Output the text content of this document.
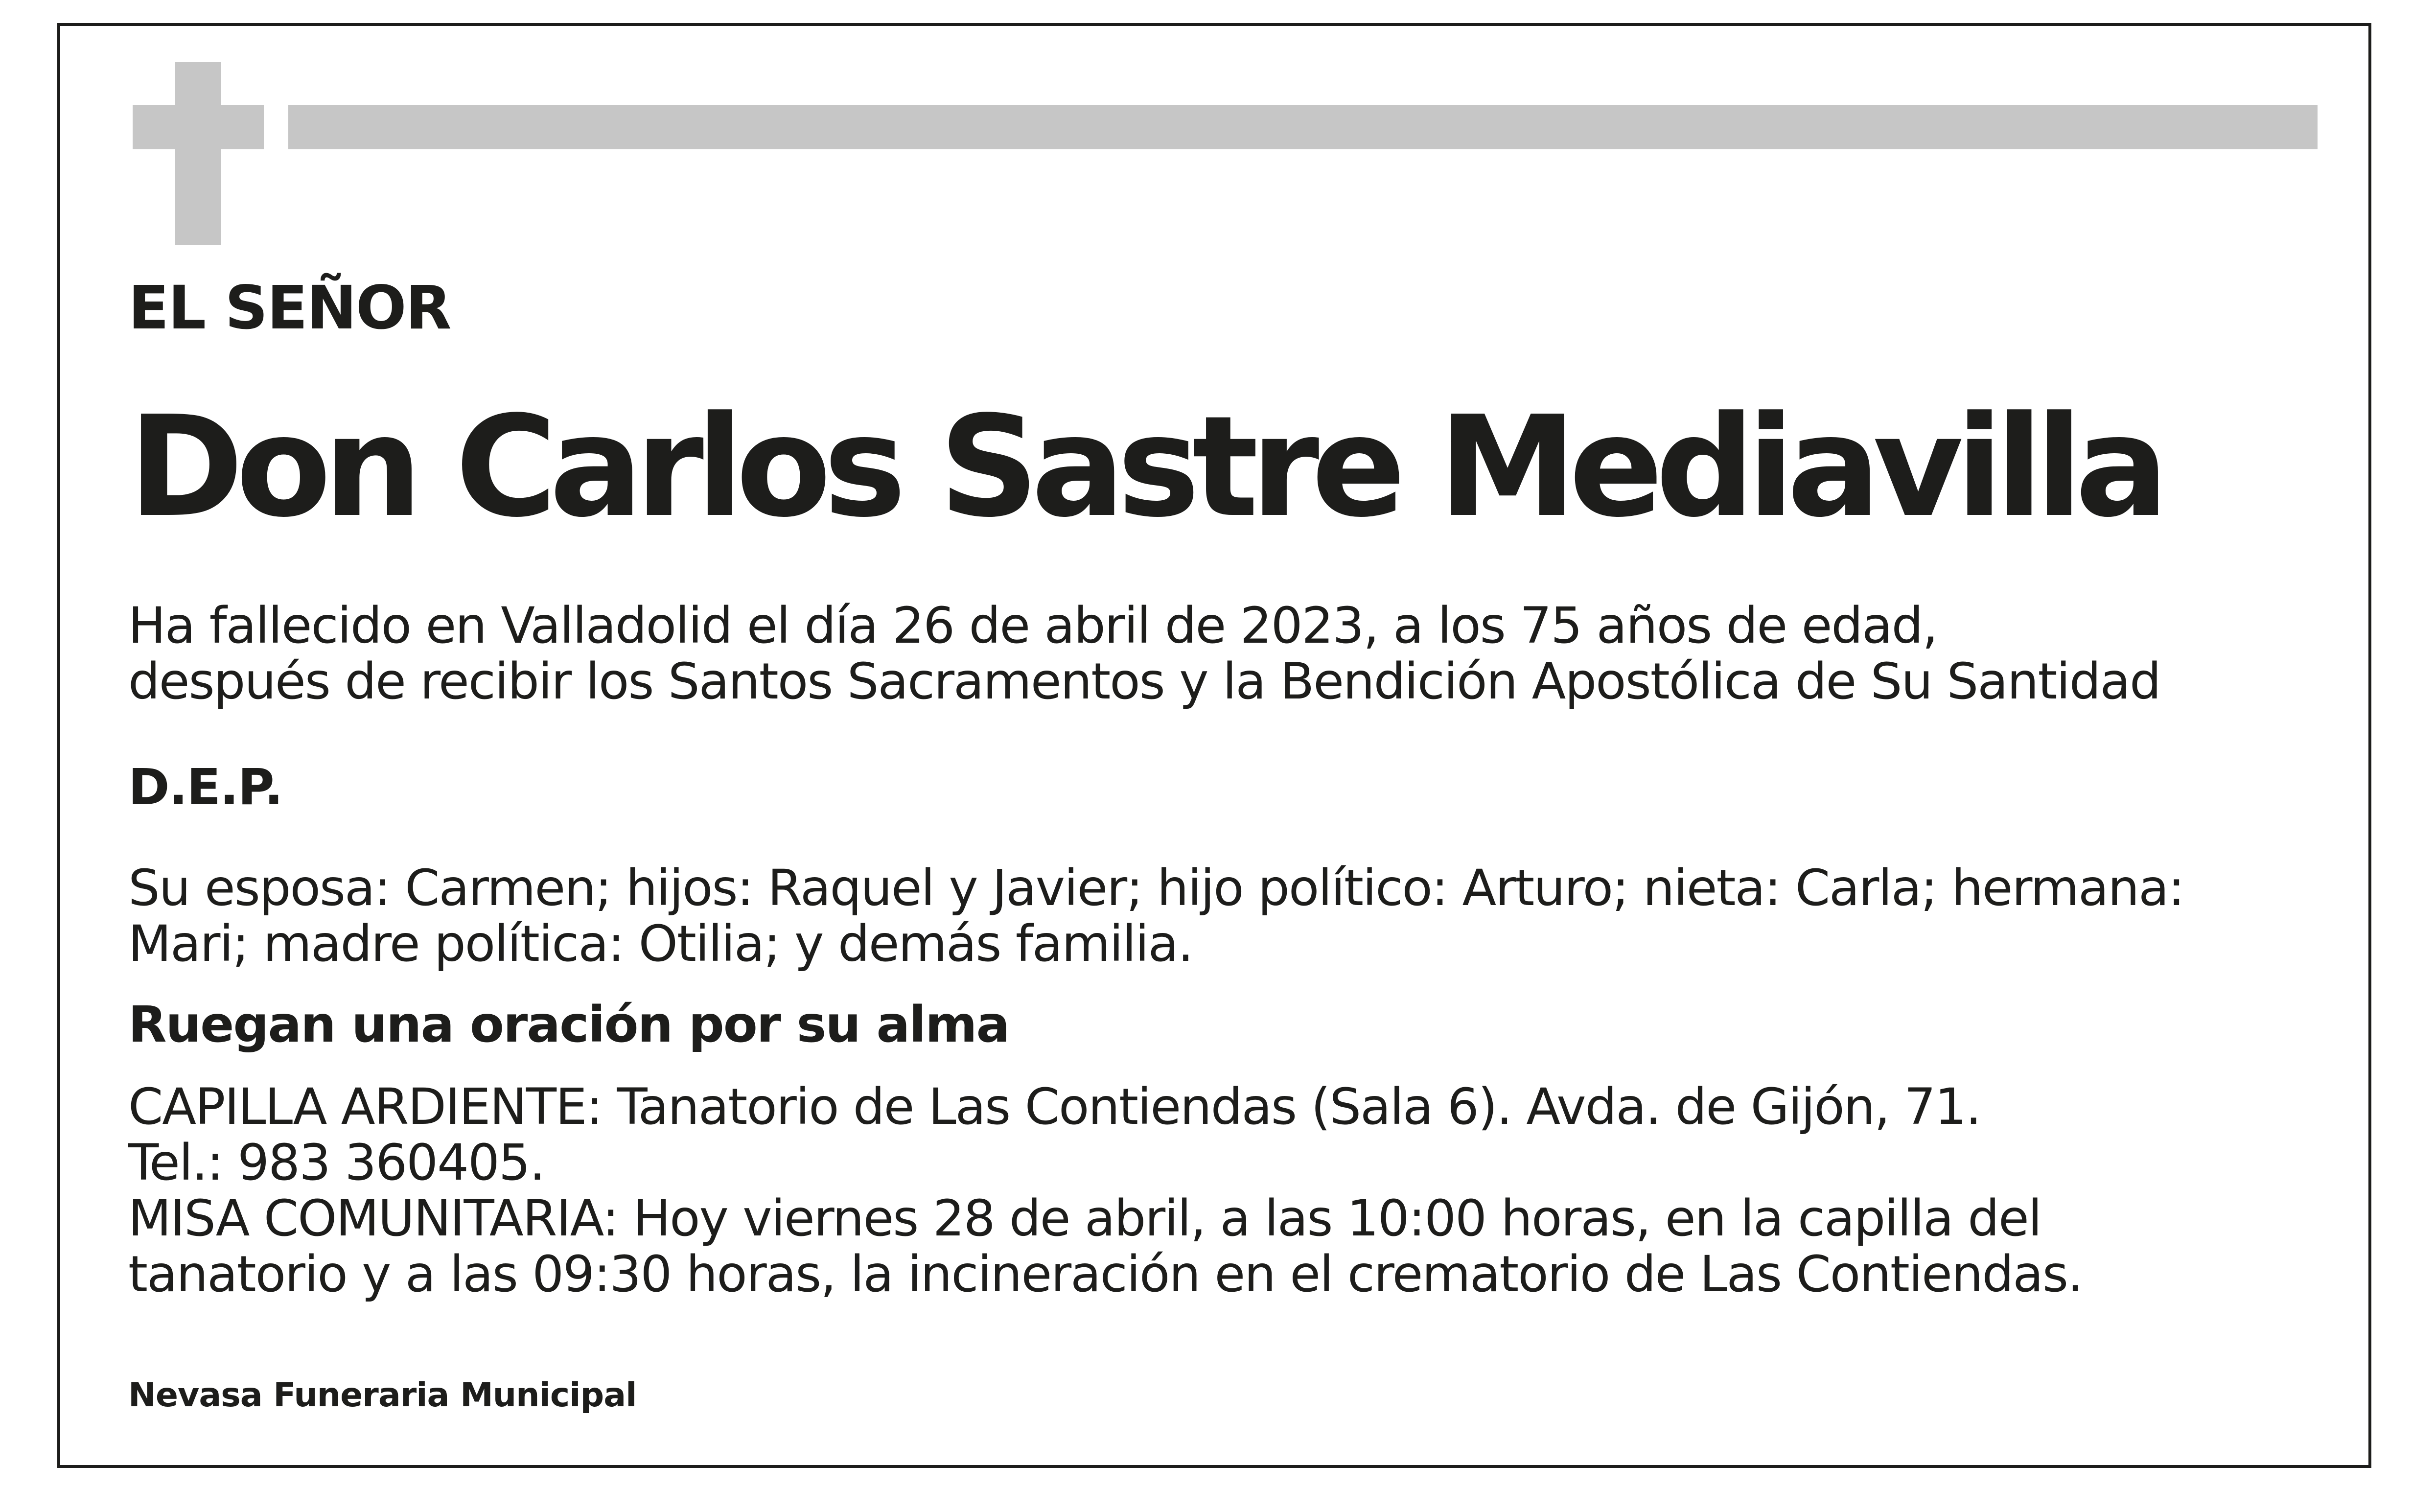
EL SEÑOR
Don Carlos Sastre Mediavilla
Ha fallecido en Valladolid el día 26 de abril de 2023, a los 75 años de edad,
después de recibir los Santos Sacramentos y la Bendición Apostólica de Su Santidad
D.E.P.
Su esposa: Carmen; hijos: Raquel y Javier; hijo político: Arturo; nieta: Carla; hermana:
Mari; madre política: Otilia; y demás familia.
Ruegan una oración por su alma
CAPILLA ARDIENTE: Tanatorio de Las Contiendas (Sala 6). Avda. de Gijón, 71.
Tel.: 983 360405.
MISA COMUNITARIA: Hoy viernes 28 de abril, a las 10:00 horas, en la capilla del
tanatorio y a las 09:30 horas, la incineración en el crematorio de Las Contiendas.
Nevasa Funeraria Municipal
